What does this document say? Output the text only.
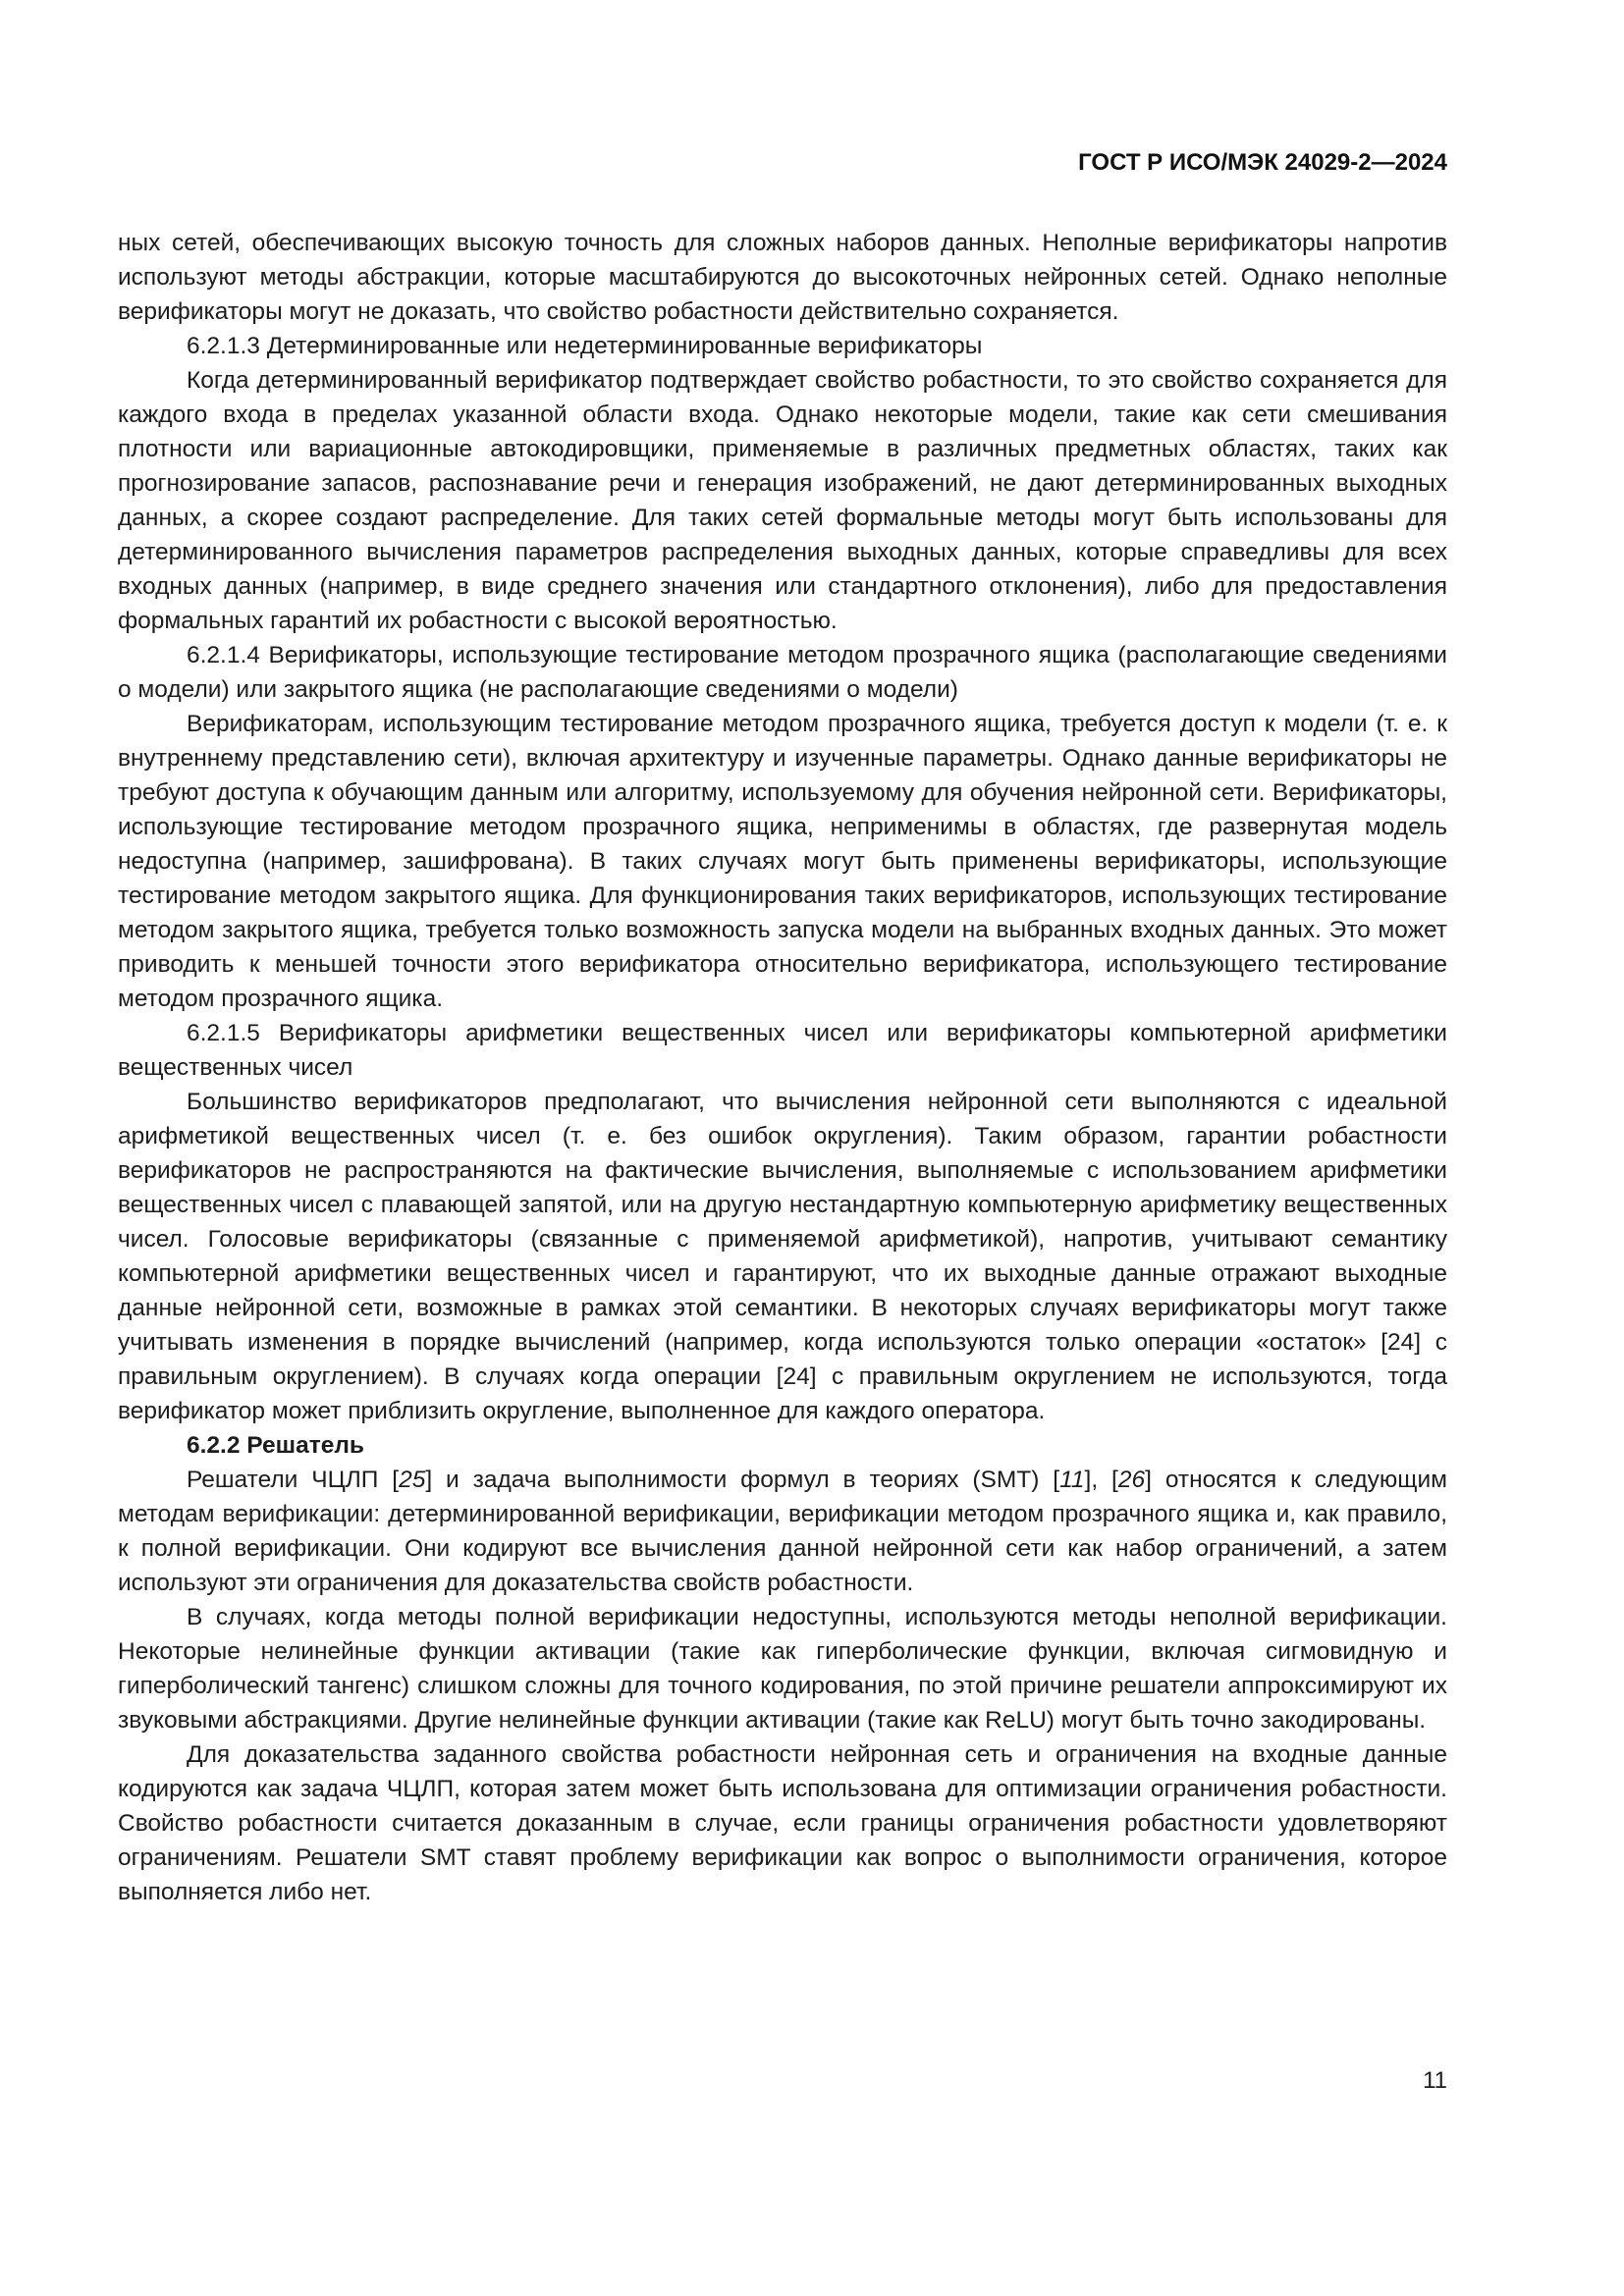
ГОСТ Р ИСО/МЭК 24029-2—2024

ных сетей, обеспечивающих высокую точность для сложных наборов данных. Неполные верификаторы напротив используют методы абстракции, которые масштабируются до высокоточных нейронных сетей. Однако неполные верификаторы могут не доказать, что свойство робастности действительно сохраняется.

6.2.1.3 Детерминированные или недетерминированные верификаторы

Когда детерминированный верификатор подтверждает свойство робастности, то это свойство сохраняется для каждого входа в пределах указанной области входа. Однако некоторые модели, такие как сети смешивания плотности или вариационные автокодировщики, применяемые в различных предметных областях, таких как прогнозирование запасов, распознавание речи и генерация изображений, не дают детерминированных выходных данных, а скорее создают распределение. Для таких сетей формальные методы могут быть использованы для детерминированного вычисления параметров распределения выходных данных, которые справедливы для всех входных данных (например, в виде среднего значения или стандартного отклонения), либо для предоставления формальных гарантий их робастности с высокой вероятностью.

6.2.1.4 Верификаторы, использующие тестирование методом прозрачного ящика (располагающие сведениями о модели) или закрытого ящика (не располагающие сведениями о модели)

Верификаторам, использующим тестирование методом прозрачного ящика, требуется доступ к модели (т. е. к внутреннему представлению сети), включая архитектуру и изученные параметры. Однако данные верификаторы не требуют доступа к обучающим данным или алгоритму, используемому для обучения нейронной сети. Верификаторы, использующие тестирование методом прозрачного ящика, неприменимы в областях, где развернутая модель недоступна (например, зашифрована). В таких случаях могут быть применены верификаторы, использующие тестирование методом закрытого ящика. Для функционирования таких верификаторов, использующих тестирование методом закрытого ящика, требуется только возможность запуска модели на выбранных входных данных. Это может приводить к меньшей точности этого верификатора относительно верификатора, использующего тестирование методом прозрачного ящика.

6.2.1.5 Верификаторы арифметики вещественных чисел или верификаторы компьютерной арифметики вещественных чисел

Большинство верификаторов предполагают, что вычисления нейронной сети выполняются с идеальной арифметикой вещественных чисел (т. е. без ошибок округления). Таким образом, гарантии робастности верификаторов не распространяются на фактические вычисления, выполняемые с использованием арифметики вещественных чисел с плавающей запятой, или на другую нестандартную компьютерную арифметику вещественных чисел. Голосовые верификаторы (связанные с применяемой арифметикой), напротив, учитывают семантику компьютерной арифметики вещественных чисел и гарантируют, что их выходные данные отражают выходные данные нейронной сети, возможные в рамках этой семантики. В некоторых случаях верификаторы могут также учитывать изменения в порядке вычислений (например, когда используются только операции «остаток» [24] с правильным округлением). В случаях когда операции [24] с правильным округлением не используются, тогда верификатор может приблизить округление, выполненное для каждого оператора.

6.2.2 Решатель

Решатели ЧЦЛП [25] и задача выполнимости формул в теориях (SMT) [11], [26] относятся к следующим методам верификации: детерминированной верификации, верификации методом прозрачного ящика и, как правило, к полной верификации. Они кодируют все вычисления данной нейронной сети как набор ограничений, а затем используют эти ограничения для доказательства свойств робастности.

В случаях, когда методы полной верификации недоступны, используются методы неполной верификации. Некоторые нелинейные функции активации (такие как гиперболические функции, включая сигмовидную и гиперболический тангенс) слишком сложны для точного кодирования, по этой причине решатели аппроксимируют их звуковыми абстракциями. Другие нелинейные функции активации (такие как ReLU) могут быть точно закодированы.

Для доказательства заданного свойства робастности нейронная сеть и ограничения на входные данные кодируются как задача ЧЦЛП, которая затем может быть использована для оптимизации ограничения робастности. Свойство робастности считается доказанным в случае, если границы ограничения робастности удовлетворяют ограничениям. Решатели SMT ставят проблему верификации как вопрос о выполнимости ограничения, которое выполняется либо нет.

11
